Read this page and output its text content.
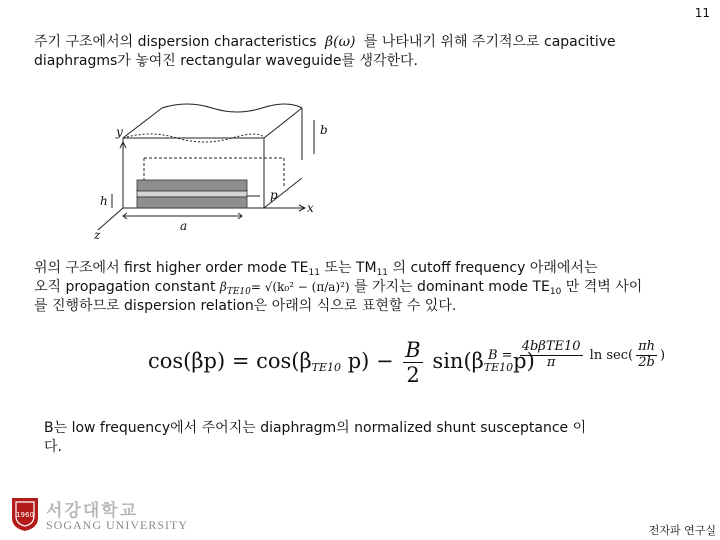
11
주기 구조에서의 dispersion characteristics β(ω) 를 나타내기 위해 주기적으로 capacitive
diaphragms가 놓여진 rectangular waveguide를 생각한다.
y	b
h	p
x
a
z
위의 구조에서 first higher order mode $TE_{11}$ 또는 $TM_{11}$ 의 cutoff frequency 아래에서는
오직 propagation constant $\beta_{TE10}= √(k_0^2 - (\pi/a)^2)$ 를 가지는 dominant mode $TE_{10}$ 만 격벽 사이
를 진행하므로 dispersion relation은 아래의 식으로 표현할 수 있다.
$\cos(\beta p) = \cos(\beta_{TE10}$ $p) - \frac{B}{2} \sin(\beta_{TE10}p)$
$B = \frac{\text{4bβTE10}}{\pi}$ $\ln \sec( \frac{\pi h}{2b}$ )
B는 low frequency에서 주어지는 diaphragm의 normalized shunt susceptance 이
다.
1960 서강대학교
SOGANG UNIVERSITY	전자파 연구실
